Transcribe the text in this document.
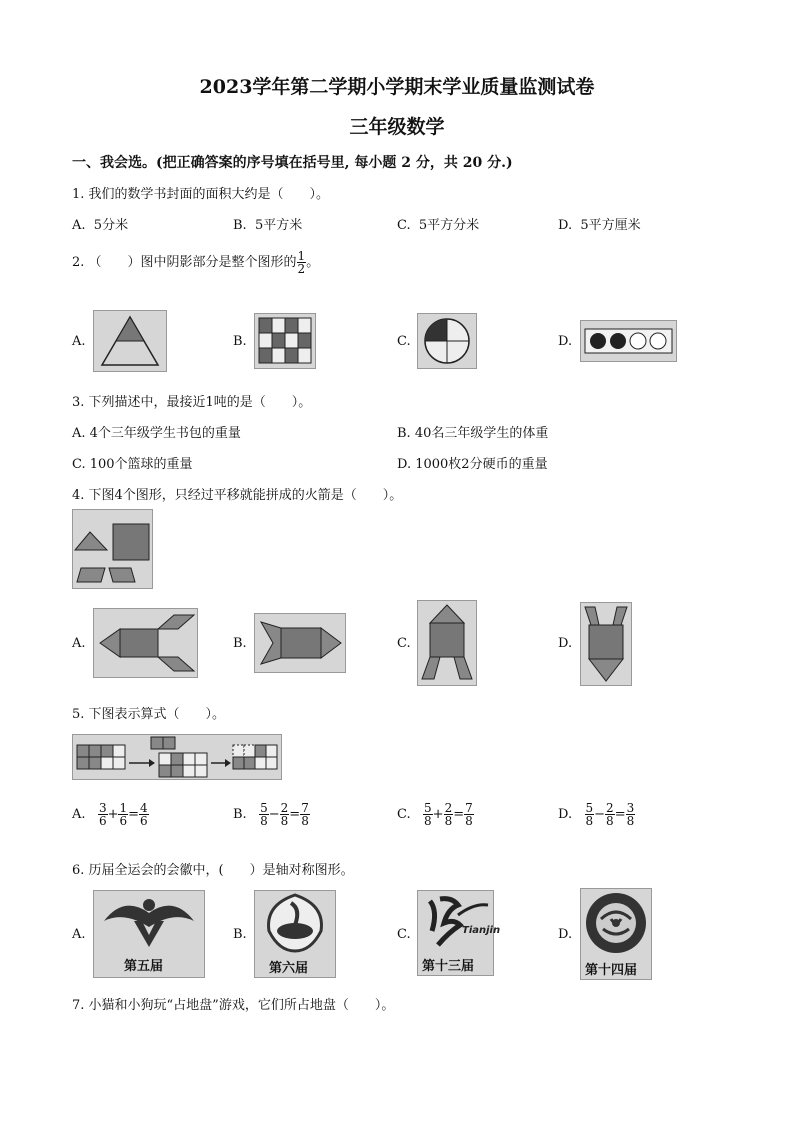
2023学年第二学期小学期末学业质量监测试卷
三年级数学
一、我会选。(把正确答案的序号填在括号里, 每小题 2 分，共 20 分.)
1. 我们的数学书封面的面积大约是（　　）。
A. 5分米	B. 5平方米	C. 5平方分米	D. 5平方厘米
2. （　　）图中阴影部分是整个图形的 $\frac{1}{2}$ 。
A.	B.	C.	D.
3. 下列描述中，最接近1吨的是（　　）。
A. 4个三年级学生书包的重量	B. 40名三年级学生的体重
C. 100个篮球的重量	D. 1000枚2分硬币的重量
4. 下图4个图形，只经过平移就能拼成的火箭是（　　）。
A.	B.	C.	D.
5. 下图表示算式（　　）。
A. $\frac{3}{6} + \frac{1}{6} = \frac{4}{6}$	B. $\frac{5}{8} - \frac{2}{8} = \frac{7}{8}$	C. $\frac{5}{8} + \frac{2}{8} = \frac{7}{8}$	D. $\frac{5}{8} - \frac{2}{8} = \frac{3}{8}$
6. 历届全运会的会徽中，(　　）是轴对称图形。
A.
第五届
B.
第六届
C.	Tianjin
第十三届
D.
第十四届
7. 小猫和小狗玩“占地盘”游戏，它们所占地盘（　　）。
